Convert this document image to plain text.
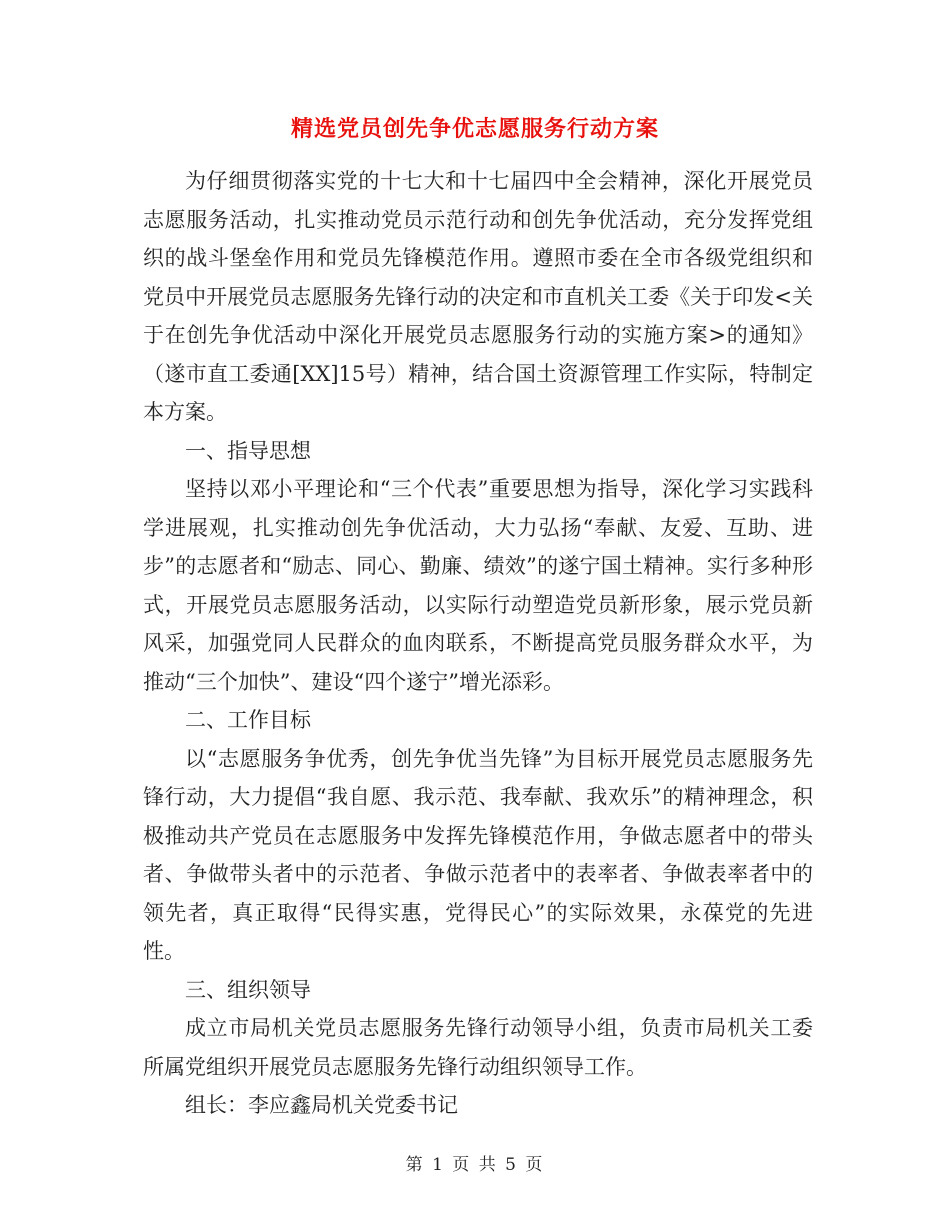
精选党员创先争优志愿服务行动方案

为仔细贯彻落实党的十七大和十七届四中全会精神，深化开展党员志愿服务活动，扎实推动党员示范行动和创先争优活动，充分发挥党组织的战斗堡垒作用和党员先锋模范作用。遵照市委在全市各级党组织和党员中开展党员志愿服务先锋行动的决定和市直机关工委《关于印发<关于在创先争优活动中深化开展党员志愿服务行动的实施方案>的通知》（遂市直工委通[XX]15号）精神，结合国土资源管理工作实际，特制定本方案。

一、指导思想

坚持以邓小平理论和“三个代表”重要思想为指导，深化学习实践科学进展观，扎实推动创先争优活动，大力弘扬“奉献、友爱、互助、进步”的志愿者和“励志、同心、勤廉、绩效”的遂宁国土精神。实行多种形式，开展党员志愿服务活动，以实际行动塑造党员新形象，展示党员新风采，加强党同人民群众的血肉联系，不断提高党员服务群众水平，为推动“三个加快”、建设“四个遂宁”增光添彩。

二、工作目标

以“志愿服务争优秀，创先争优当先锋”为目标开展党员志愿服务先锋行动，大力提倡“我自愿、我示范、我奉献、我欢乐”的精神理念，积极推动共产党员在志愿服务中发挥先锋模范作用，争做志愿者中的带头者、争做带头者中的示范者、争做示范者中的表率者、争做表率者中的领先者，真正取得“民得实惠，党得民心”的实际效果，永葆党的先进性。

三、组织领导

成立市局机关党员志愿服务先锋行动领导小组，负责市局机关工委所属党组织开展党员志愿服务先锋行动组织领导工作。

组长：李应鑫局机关党委书记

第 1 页 共 5 页
